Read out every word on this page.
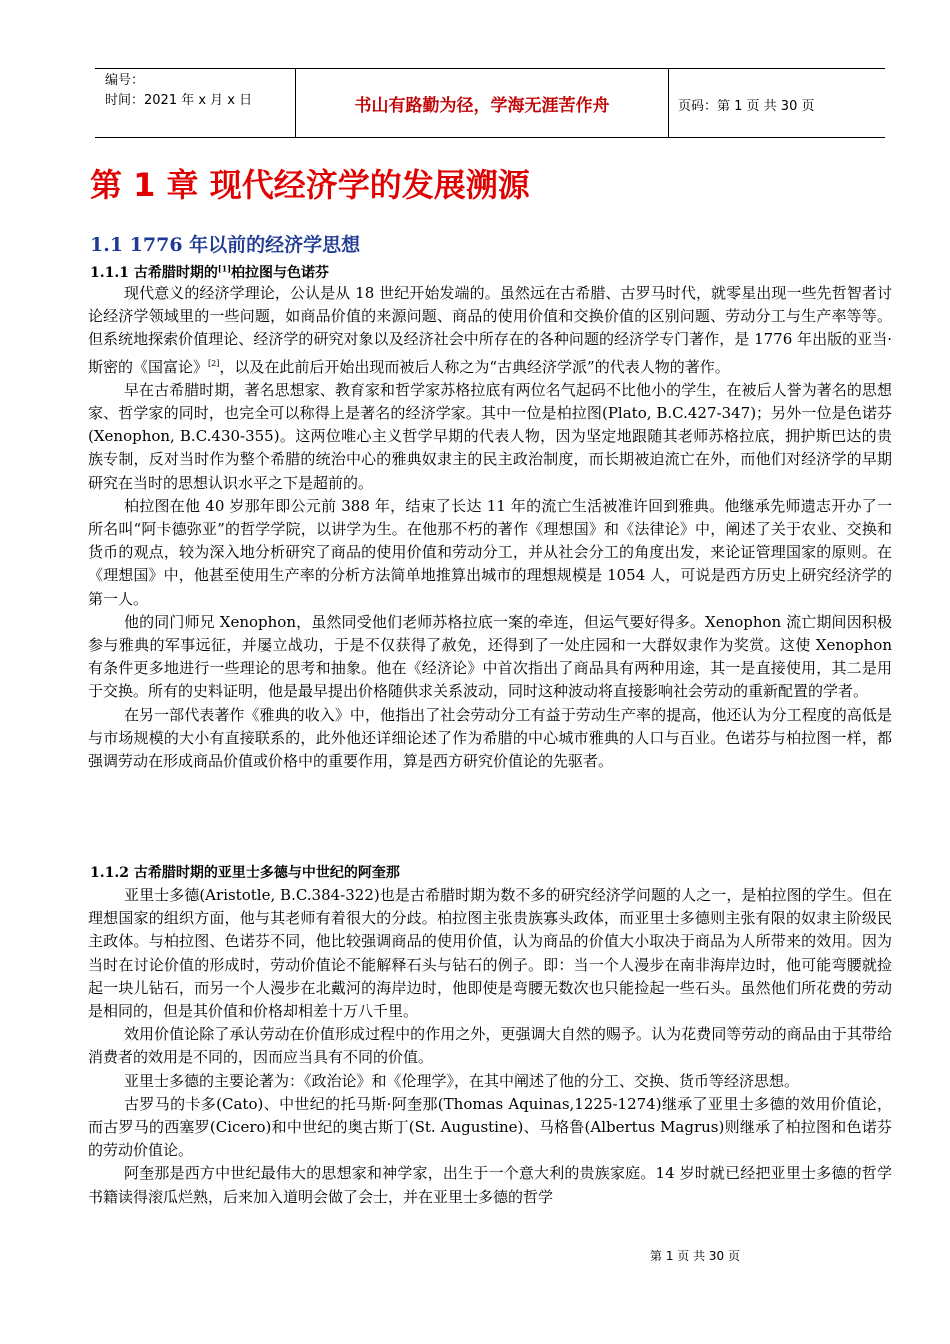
编号：
时间：2021 年 x 月 x 日	书山有路勤为径，学海无涯苦作舟	页码：第 1 页 共 30 页
第 1 章 现代经济学的发展溯源
1.1 1776 年以前的经济学思想
1.1.1 古希腊时期的[1]柏拉图与色诺芬

现代意义的经济学理论，公认是从 18 世纪开始发端的。虽然远在古希腊、古罗马时代，就零星出现一些先哲智者讨论经济学领域里的一些问题，如商品价值的来源问题、商品的使用价值和交换价值的区别问题、劳动分工与生产率等等。但系统地探索价值理论、经济学的研究对象以及经济社会中所存在的各种问题的经济学专门著作，是 1776 年出版的亚当·斯密的《国富论》[2]，以及在此前后开始出现而被后人称之为“古典经济学派”的代表人物的著作。

早在古希腊时期，著名思想家、教育家和哲学家苏格拉底有两位名气起码不比他小的学生，在被后人誉为著名的思想家、哲学家的同时，也完全可以称得上是著名的经济学家。其中一位是柏拉图(Plato, B.C.427-347)；另外一位是色诺芬(Xenophon, B.C.430-355)。这两位唯心主义哲学早期的代表人物，因为坚定地跟随其老师苏格拉底，拥护斯巴达的贵族专制，反对当时作为整个希腊的统治中心的雅典奴隶主的民主政治制度，而长期被迫流亡在外，而他们对经济学的早期研究在当时的思想认识水平之下是超前的。

柏拉图在他 40 岁那年即公元前 388 年，结束了长达 11 年的流亡生活被准许回到雅典。他继承先师遗志开办了一所名叫“阿卡德弥亚”的哲学学院，以讲学为生。在他那不朽的著作《理想国》和《法律论》中，阐述了关于农业、交换和货币的观点，较为深入地分析研究了商品的使用价值和劳动分工，并从社会分工的角度出发，来论证管理国家的原则。在《理想国》中，他甚至使用生产率的分析方法简单地推算出城市的理想规模是 1054 人，可说是西方历史上研究经济学的第一人。

他的同门师兄 Xenophon，虽然同受他们老师苏格拉底一案的牵连，但运气要好得多。Xenophon 流亡期间因积极参与雅典的军事远征，并屡立战功，于是不仅获得了赦免，还得到了一处庄园和一大群奴隶作为奖赏。这使 Xenophon 有条件更多地进行一些理论的思考和抽象。他在《经济论》中首次指出了商品具有两种用途，其一是直接使用，其二是用于交换。所有的史料证明，他是最早提出价格随供求关系波动，同时这种波动将直接影响社会劳动的重新配置的学者。

在另一部代表著作《雅典的收入》中，他指出了社会劳动分工有益于劳动生产率的提高，他还认为分工程度的高低是与市场规模的大小有直接联系的，此外他还详细论述了作为希腊的中心城市雅典的人口与百业。色诺芬与柏拉图一样，都强调劳动在形成商品价值或价格中的重要作用，算是西方研究价值论的先驱者。

1.1.2 古希腊时期的亚里士多德与中世纪的阿奎那

亚里士多德(Aristotle, B.C.384-322)也是古希腊时期为数不多的研究经济学问题的人之一，是柏拉图的学生。但在理想国家的组织方面，他与其老师有着很大的分歧。柏拉图主张贵族寡头政体，而亚里士多德则主张有限的奴隶主阶级民主政体。与柏拉图、色诺芬不同，他比较强调商品的使用价值，认为商品的价值大小取决于商品为人所带来的效用。因为当时在讨论价值的形成时，劳动价值论不能解释石头与钻石的例子。即：当一个人漫步在南非海岸边时，他可能弯腰就捡起一块儿钻石，而另一个人漫步在北戴河的海岸边时，他即使是弯腰无数次也只能捡起一些石头。虽然他们所花费的劳动是相同的，但是其价值和价格却相差十万八千里。

效用价值论除了承认劳动在价值形成过程中的作用之外，更强调大自然的赐予。认为花费同等劳动的商品由于其带给消费者的效用是不同的，因而应当具有不同的价值。

亚里士多德的主要论著为：《政治论》和《伦理学》，在其中阐述了他的分工、交换、货币等经济思想。

古罗马的卡多(Cato)、中世纪的托马斯·阿奎那(Thomas Aquinas,1225-1274)继承了亚里士多德的效用价值论，而古罗马的西塞罗(Cicero)和中世纪的奥古斯丁(St. Augustine)、马格鲁(Albertus Magrus)则继承了柏拉图和色诺芬的劳动价值论。

阿奎那是西方中世纪最伟大的思想家和神学家，出生于一个意大利的贵族家庭。14 岁时就已经把亚里士多德的哲学书籍读得滚瓜烂熟，后来加入道明会做了会士，并在亚里士多德的哲学

第 1 页 共 30 页
